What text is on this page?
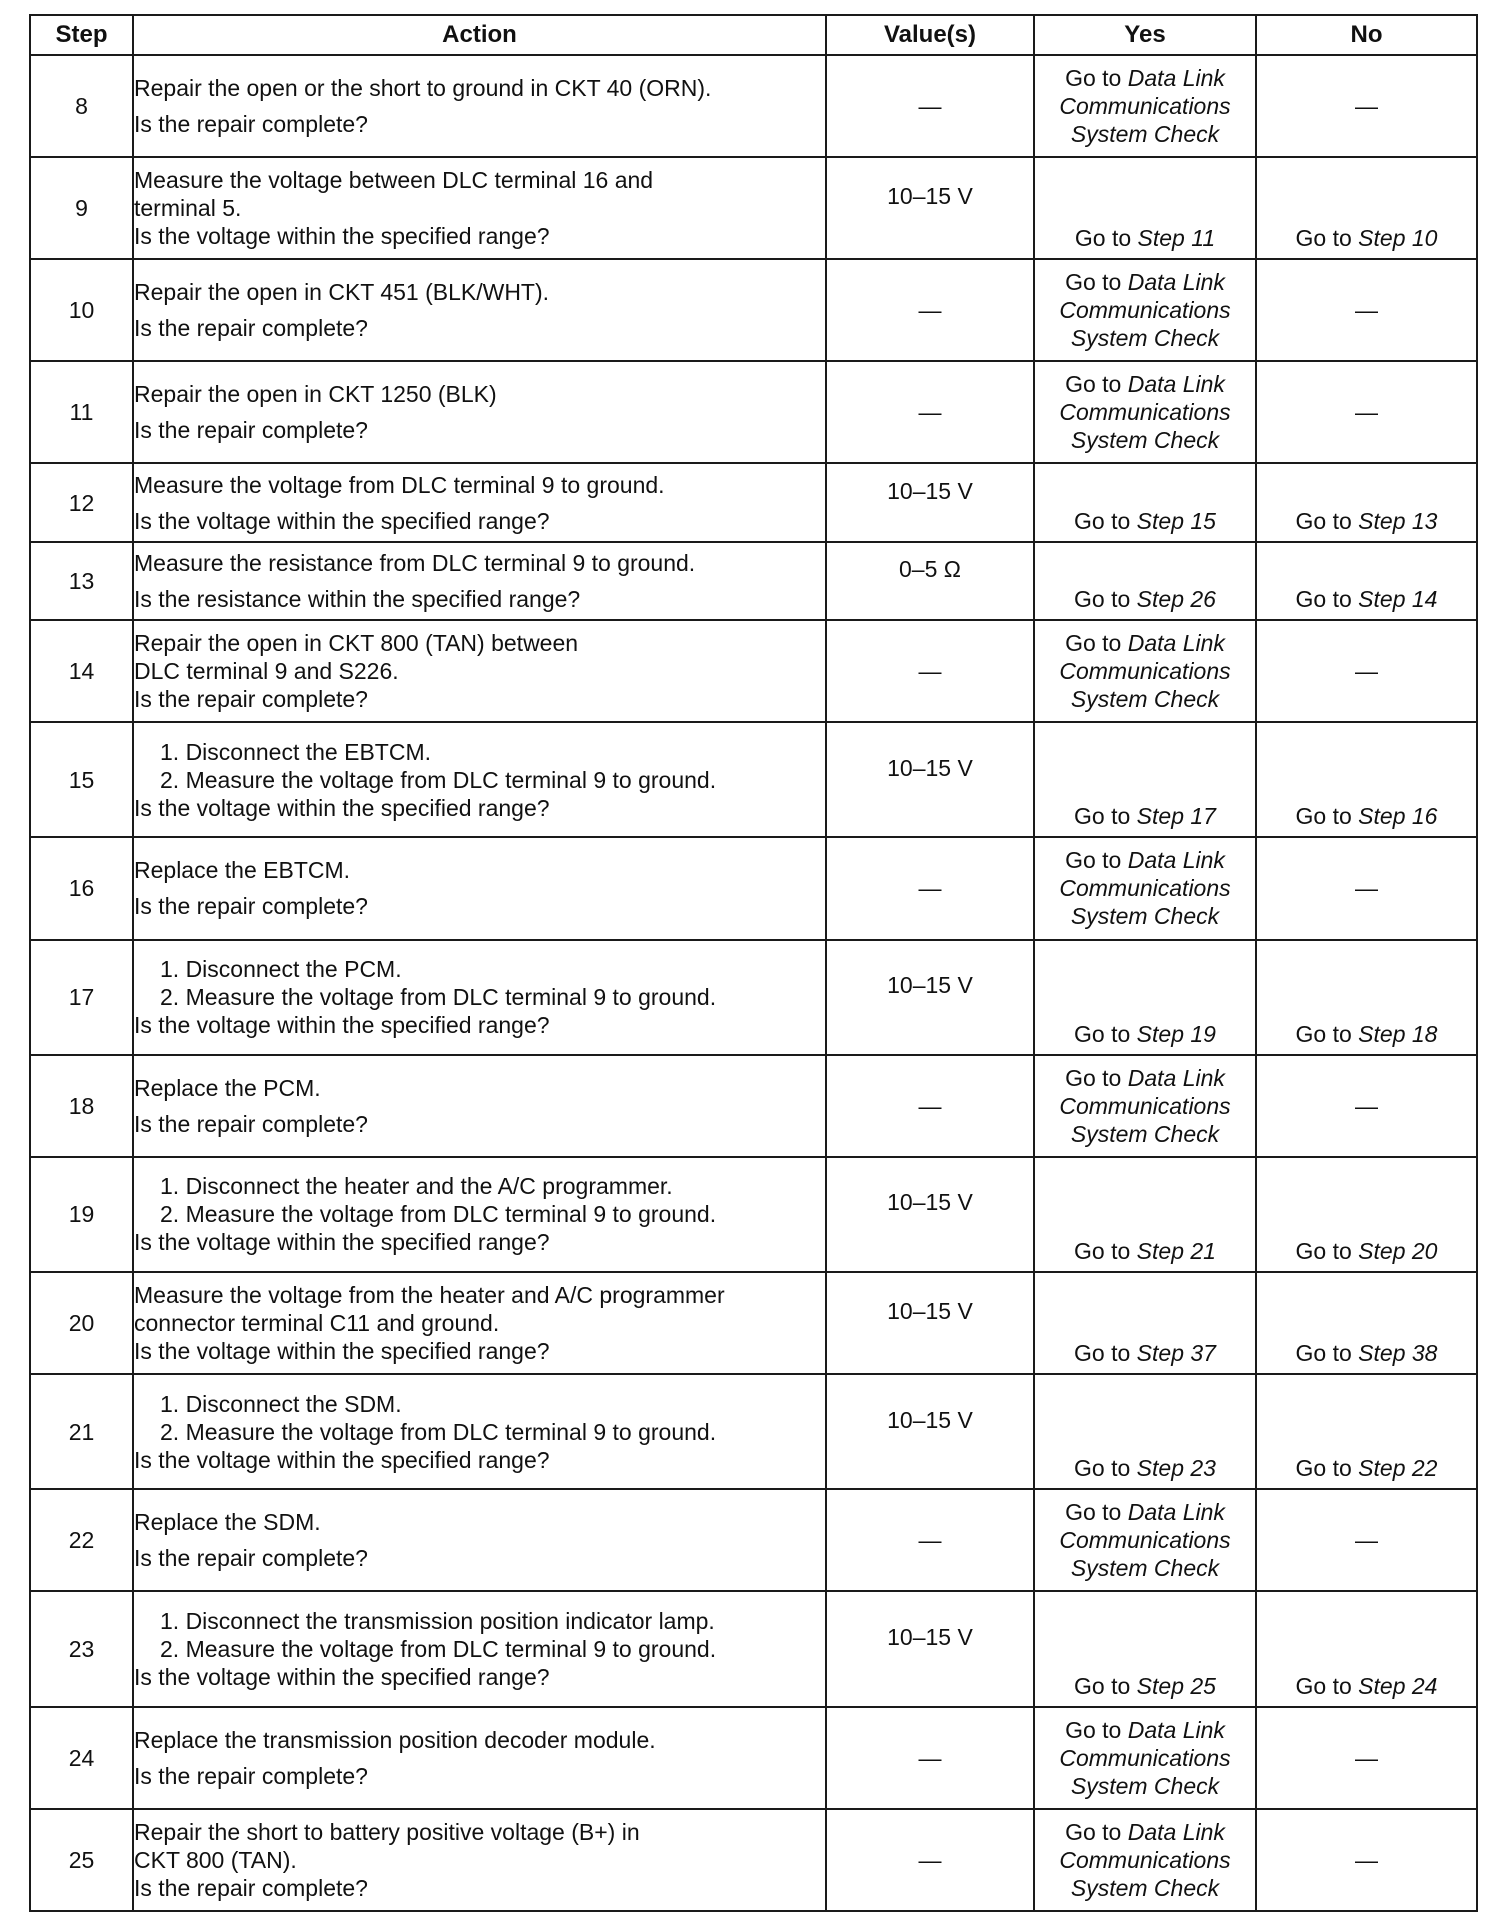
Step	Action	Value(s)	Yes	No
8	Repair the open or the short to ground in CKT 40 (ORN).
Is the repair complete?	—	Go to Data Link
Communications
System Check	—
9	Measure the voltage between DLC terminal 16 and
terminal 5.
Is the voltage within the specified range?	10–15 V	Go to Step 11	Go to Step 10
10	Repair the open in CKT 451 (BLK/WHT).
Is the repair complete?	—	Go to Data Link
Communications
System Check	—
11	Repair the open in CKT 1250 (BLK)
Is the repair complete?	—	Go to Data Link
Communications
System Check	—
12	Measure the voltage from DLC terminal 9 to ground.
Is the voltage within the specified range?	10–15 V	Go to Step 15	Go to Step 13
13	Measure the resistance from DLC terminal 9 to ground.
Is the resistance within the specified range?	0–5 Ω	Go to Step 26	Go to Step 14
14	Repair the open in CKT 800 (TAN) between
DLC terminal 9 and S226.
Is the repair complete?	—	Go to Data Link
Communications
System Check	—
15	1. Disconnect the EBTCM.
2. Measure the voltage from DLC terminal 9 to ground.
Is the voltage within the specified range?	10–15 V	Go to Step 17	Go to Step 16
16	Replace the EBTCM.
Is the repair complete?	—	Go to Data Link
Communications
System Check	—
17	1. Disconnect the PCM.
2. Measure the voltage from DLC terminal 9 to ground.
Is the voltage within the specified range?	10–15 V	Go to Step 19	Go to Step 18
18	Replace the PCM.
Is the repair complete?	—	Go to Data Link
Communications
System Check	—
19	1. Disconnect the heater and the A/C programmer.
2. Measure the voltage from DLC terminal 9 to ground.
Is the voltage within the specified range?	10–15 V	Go to Step 21	Go to Step 20
20	Measure the voltage from the heater and A/C programmer
connector terminal C11 and ground.
Is the voltage within the specified range?	10–15 V	Go to Step 37	Go to Step 38
21	1. Disconnect the SDM.
2. Measure the voltage from DLC terminal 9 to ground.
Is the voltage within the specified range?	10–15 V	Go to Step 23	Go to Step 22
22	Replace the SDM.
Is the repair complete?	—	Go to Data Link
Communications
System Check	—
23	1. Disconnect the transmission position indicator lamp.
2. Measure the voltage from DLC terminal 9 to ground.
Is the voltage within the specified range?	10–15 V	Go to Step 25	Go to Step 24
24	Replace the transmission position decoder module.
Is the repair complete?	—	Go to Data Link
Communications
System Check	—
25	Repair the short to battery positive voltage (B+) in
CKT 800 (TAN).
Is the repair complete?	—	Go to Data Link
Communications
System Check	—
